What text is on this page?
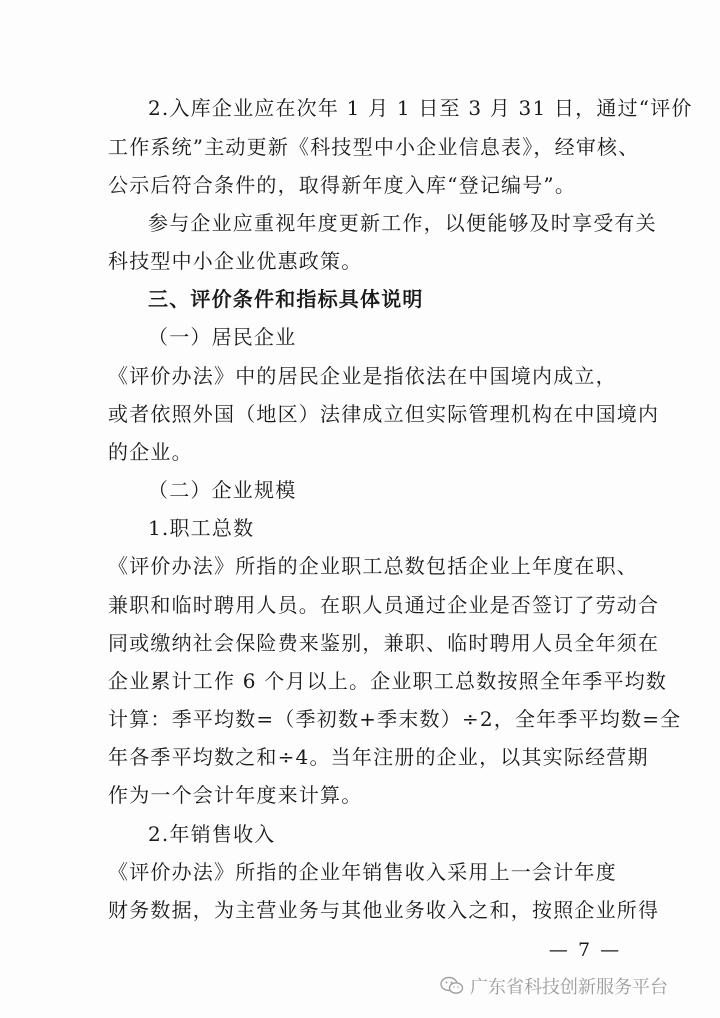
2.入库企业应在次年 1 月 1 日至 3 月 31 日，通过“评价
工作系统”主动更新《科技型中小企业信息表》，经审核、
公示后符合条件的，取得新年度入库“登记编号”。
参与企业应重视年度更新工作，以便能够及时享受有关
科技型中小企业优惠政策。
三、评价条件和指标具体说明
（一）居民企业
《评价办法》中的居民企业是指依法在中国境内成立，
或者依照外国（地区）法律成立但实际管理机构在中国境内
的企业。
（二）企业规模
1.职工总数
《评价办法》所指的企业职工总数包括企业上年度在职、
兼职和临时聘用人员。在职人员通过企业是否签订了劳动合
同或缴纳社会保险费来鉴别，兼职、临时聘用人员全年须在
企业累计工作 6 个月以上。企业职工总数按照全年季平均数
计算：季平均数=（季初数+季末数）÷2，全年季平均数=全
年各季平均数之和÷4。当年注册的企业，以其实际经营期
作为一个会计年度来计算。
2.年销售收入
《评价办法》所指的企业年销售收入采用上一会计年度
财务数据，为主营业务与其他业务收入之和，按照企业所得
— 7 —
广东省科技创新服务平台
